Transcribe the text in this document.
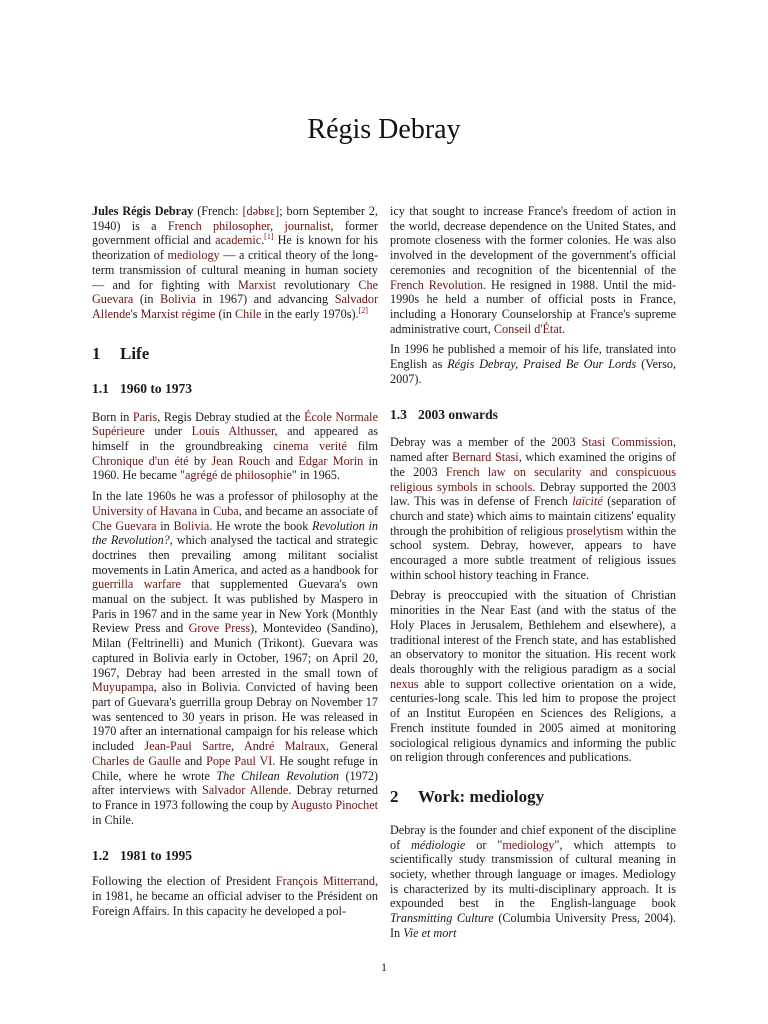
Régis Debray

Jules Régis Debray (French: [dəbʁɛ]; born September 2, 1940) is a French philosopher, journalist, former government official and academic.[1] He is known for his theorization of mediology — a critical theory of the long-term transmission of cultural meaning in human society — and for fighting with Marxist revolutionary Che Guevara (in Bolivia in 1967) and advancing Salvador Allende's Marxist régime (in Chile in the early 1970s).[2]

1 Life
1.1 1960 to 1973

Born in Paris, Regis Debray studied at the École Normale Supérieure under Louis Althusser, and appeared as himself in the groundbreaking cinema verité film Chronique d'un été by Jean Rouch and Edgar Morin in 1960. He became "agrégé de philosophie" in 1965.

In the late 1960s he was a professor of philosophy at the University of Havana in Cuba, and became an associate of Che Guevara in Bolivia. He wrote the book Revolution in the Revolution?, which analysed the tactical and strategic doctrines then prevailing among militant socialist movements in Latin America, and acted as a handbook for guerrilla warfare that supplemented Guevara's own manual on the subject. It was published by Maspero in Paris in 1967 and in the same year in New York (Monthly Review Press and Grove Press), Montevideo (Sandino), Milan (Feltrinelli) and Munich (Trikont). Guevara was captured in Bolivia early in October, 1967; on April 20, 1967, Debray had been arrested in the small town of Muyupampa, also in Bolivia. Convicted of having been part of Guevara's guerrilla group Debray on November 17 was sentenced to 30 years in prison. He was released in 1970 after an international campaign for his release which included Jean-Paul Sartre, André Malraux, General Charles de Gaulle and Pope Paul VI. He sought refuge in Chile, where he wrote The Chilean Revolution (1972) after interviews with Salvador Allende. Debray returned to France in 1973 following the coup by Augusto Pinochet in Chile.

1.2 1981 to 1995

Following the election of President François Mitterrand, in 1981, he became an official adviser to the Président on Foreign Affairs. In this capacity he developed a pol-

icy that sought to increase France's freedom of action in the world, decrease dependence on the United States, and promote closeness with the former colonies. He was also involved in the development of the government's official ceremonies and recognition of the bicentennial of the French Revolution. He resigned in 1988. Until the mid-1990s he held a number of official posts in France, including a Honorary Counselorship at France's supreme administrative court, Conseil d'État.

In 1996 he published a memoir of his life, translated into English as Régis Debray, Praised Be Our Lords (Verso, 2007).

1.3 2003 onwards

Debray was a member of the 2003 Stasi Commission, named after Bernard Stasi, which examined the origins of the 2003 French law on secularity and conspicuous religious symbols in schools. Debray supported the 2003 law. This was in defense of French laïcité (separation of church and state) which aims to maintain citizens' equality through the prohibition of religious proselytism within the school system. Debray, however, appears to have encouraged a more subtle treatment of religious issues within school history teaching in France.

Debray is preoccupied with the situation of Christian minorities in the Near East (and with the status of the Holy Places in Jerusalem, Bethlehem and elsewhere), a traditional interest of the French state, and has established an observatory to monitor the situation. His recent work deals thoroughly with the religious paradigm as a social nexus able to support collective orientation on a wide, centuries-long scale. This led him to propose the project of an Institut Européen en Sciences des Religions, a French institute founded in 2005 aimed at monitoring sociological religious dynamics and informing the public on religion through conferences and publications.

2 Work: mediology

Debray is the founder and chief exponent of the discipline of médiologie or "mediology", which attempts to scientifically study transmission of cultural meaning in society, whether through language or images. Mediology is characterized by its multi-disciplinary approach. It is expounded best in the English-language book Transmitting Culture (Columbia University Press, 2004). In Vie et mort

1
